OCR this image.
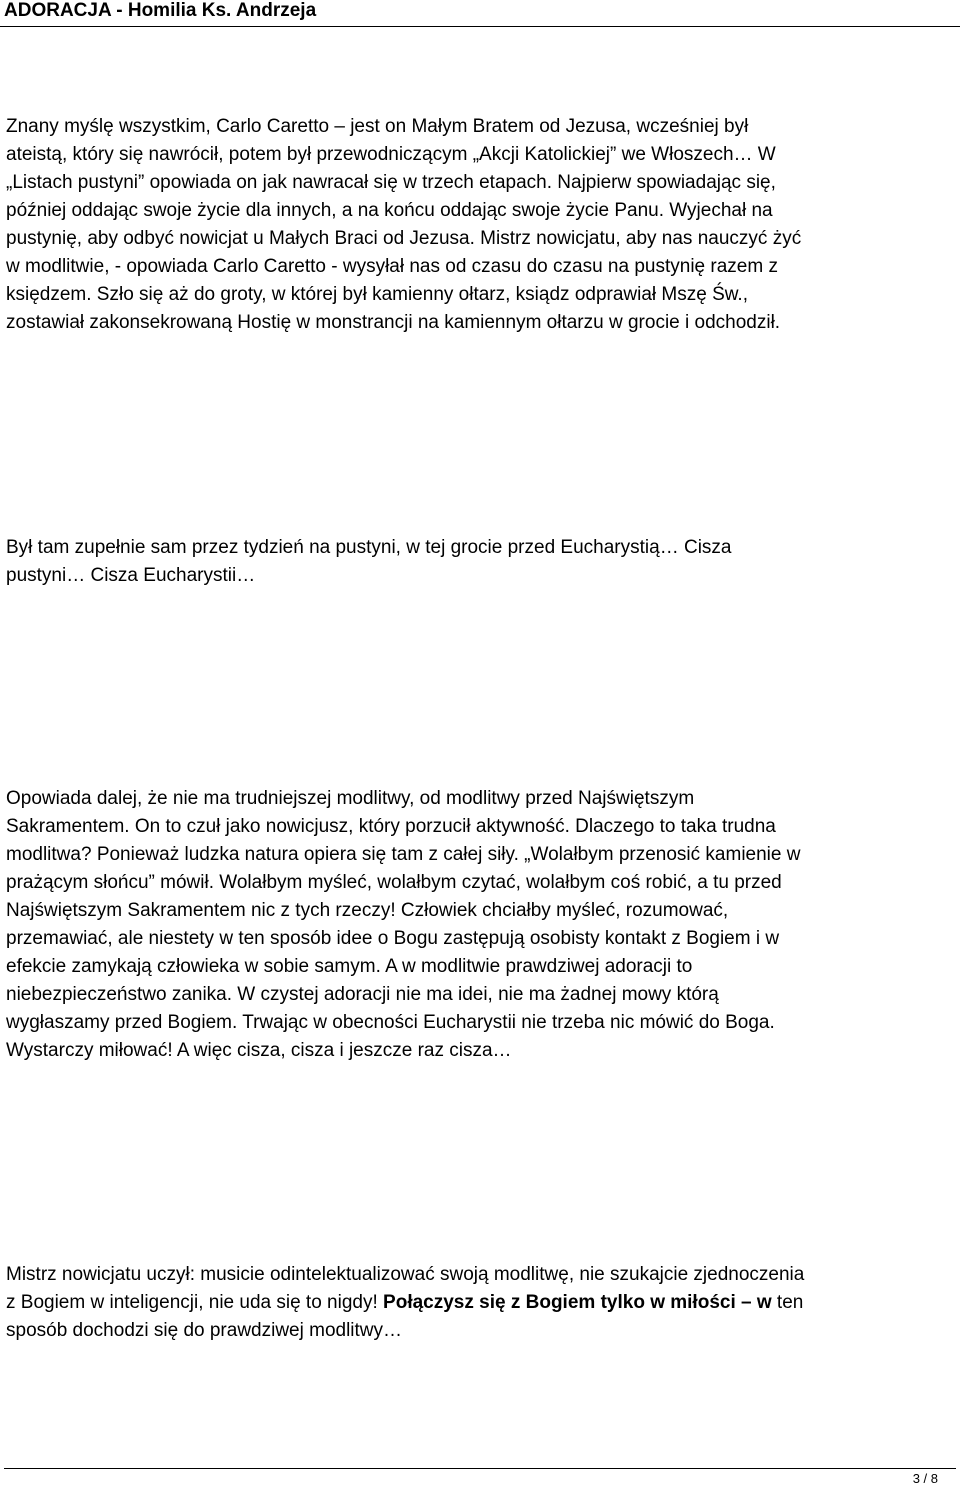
ADORACJA - Homilia Ks. Andrzeja
Znany myślę wszystkim, Carlo Caretto – jest on Małym Bratem od Jezusa, wcześniej był
ateistą, który się nawrócił, potem był przewodniczącym „Akcji Katolickiej” we Włoszech… W
„Listach pustyni” opowiada on jak nawracał się w trzech etapach. Najpierw spowiadając się,
później oddając swoje życie dla innych, a na końcu oddając swoje życie Panu. Wyjechał na
pustynię, aby odbyć nowicjat u Małych Braci od Jezusa. Mistrz nowicjatu, aby nas nauczyć żyć
w modlitwie, - opowiada Carlo Caretto - wysyłał nas od czasu do czasu na pustynię razem z
księdzem. Szło się aż do groty, w której był kamienny ołtarz, ksiądz odprawiał Mszę Św.,
zostawiał zakonsekrowaną Hostię w monstrancji na kamiennym ołtarzu w grocie i odchodził.
Był tam zupełnie sam przez tydzień na pustyni, w tej grocie przed Eucharystią… Cisza
pustyni… Cisza Eucharystii…
Opowiada dalej, że nie ma trudniejszej modlitwy, od modlitwy przed Najświętszym
Sakramentem. On to czuł jako nowicjusz, który porzucił aktywność. Dlaczego to taka trudna
modlitwa? Ponieważ ludzka natura opiera się tam z całej siły. „Wolałbym przenosić kamienie w
prażącym słońcu” mówił. Wolałbym myśleć, wolałbym czytać, wolałbym coś robić, a tu przed
Najświętszym Sakramentem nic z tych rzeczy! Człowiek chciałby myśleć, rozumować,
przemawiać, ale niestety w ten sposób idee o Bogu zastępują osobisty kontakt z Bogiem i w
efekcie zamykają człowieka w sobie samym. A w modlitwie prawdziwej adoracji to
niebezpieczeństwo zanika. W czystej adoracji nie ma idei, nie ma żadnej mowy którą
wygłaszamy przed Bogiem. Trwając w obecności Eucharystii nie trzeba nic mówić do Boga.
Wystarczy miłować! A więc cisza, cisza i jeszcze raz cisza…
Mistrz nowicjatu uczył: musicie odintelektualizować swoją modlitwę, nie szukajcie zjednoczenia
z Bogiem w inteligencji, nie uda się to nigdy! Połączysz się z Bogiem tylko w miłości – w ten
sposób dochodzi się do prawdziwej modlitwy…
3 / 8
